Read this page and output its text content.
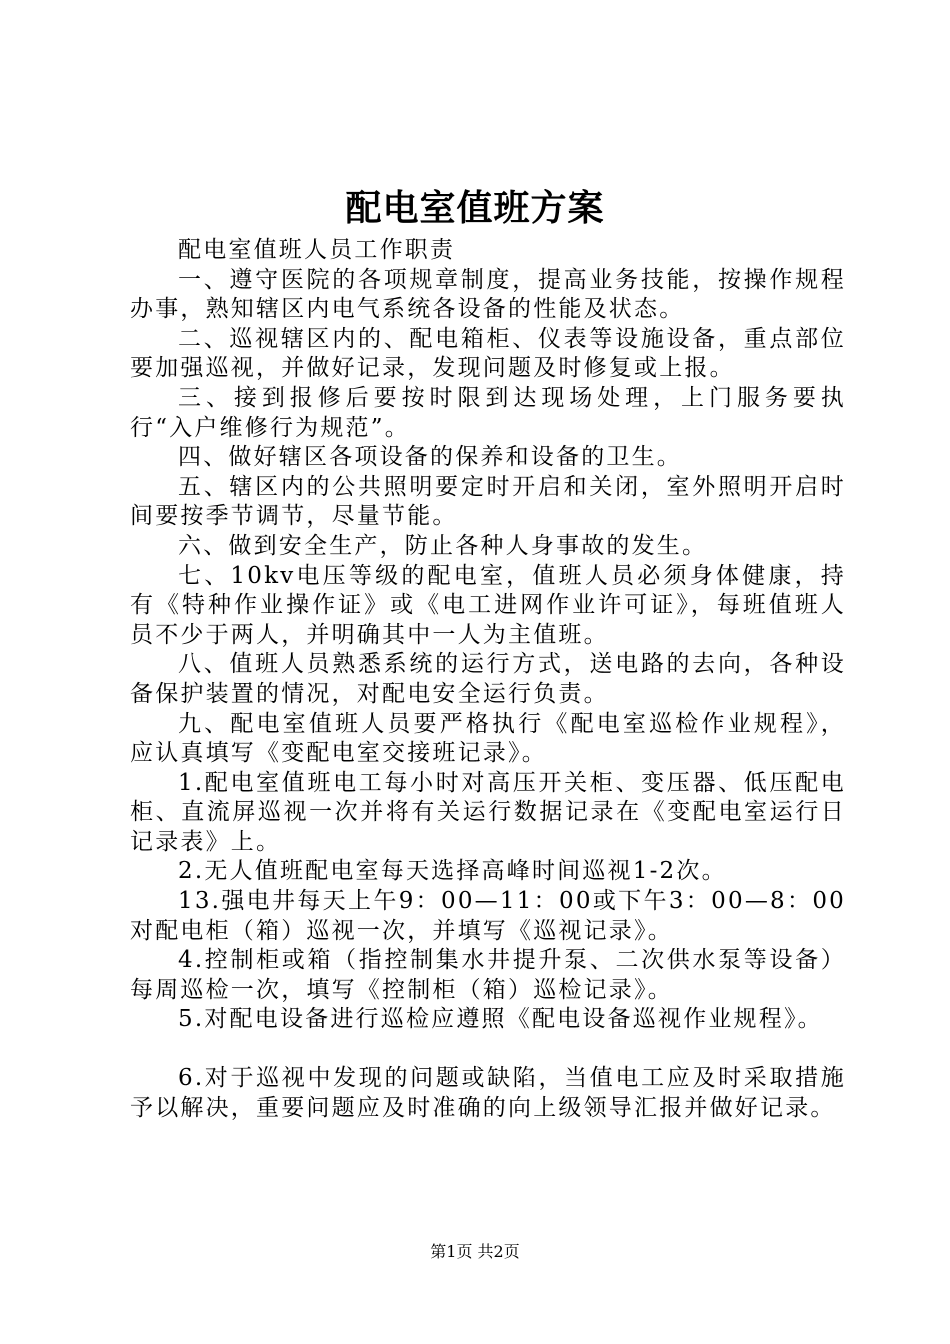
配电室值班方案

配电室值班人员工作职责

一、遵守医院的各项规章制度，提高业务技能，按操作规程办事，熟知辖区内电气系统各设备的性能及状态。

二、巡视辖区内的、配电箱柜、仪表等设施设备，重点部位要加强巡视，并做好记录，发现问题及时修复或上报。

三、接到报修后要按时限到达现场处理，上门服务要执行“入户维修行为规范”。

四、做好辖区各项设备的保养和设备的卫生。

五、辖区内的公共照明要定时开启和关闭，室外照明开启时间要按季节调节，尽量节能。

六、做到安全生产，防止各种人身事故的发生。

七、10kv电压等级的配电室，值班人员必须身体健康，持有《特种作业操作证》或《电工进网作业许可证》，每班值班人员不少于两人，并明确其中一人为主值班。

八、值班人员熟悉系统的运行方式，送电路的去向，各种设备保护装置的情况，对配电安全运行负责。

九、配电室值班人员要严格执行《配电室巡检作业规程》，应认真填写《变配电室交接班记录》。

1.配电室值班电工每小时对高压开关柜、变压器、低压配电柜、直流屏巡视一次并将有关运行数据记录在《变配电室运行日记录表》上。

2.无人值班配电室每天选择高峰时间巡视1-2次。

13.强电井每天上午9：00—11：00或下午3：00—8：00对配电柜（箱）巡视一次，并填写《巡视记录》。

4.控制柜或箱（指控制集水井提升泵、二次供水泵等设备）每周巡检一次，填写《控制柜（箱）巡检记录》。

5.对配电设备进行巡检应遵照《配电设备巡视作业规程》。

6.对于巡视中发现的问题或缺陷，当值电工应及时采取措施予以解决，重要问题应及时准确的向上级领导汇报并做好记录。

第1页 共2页
